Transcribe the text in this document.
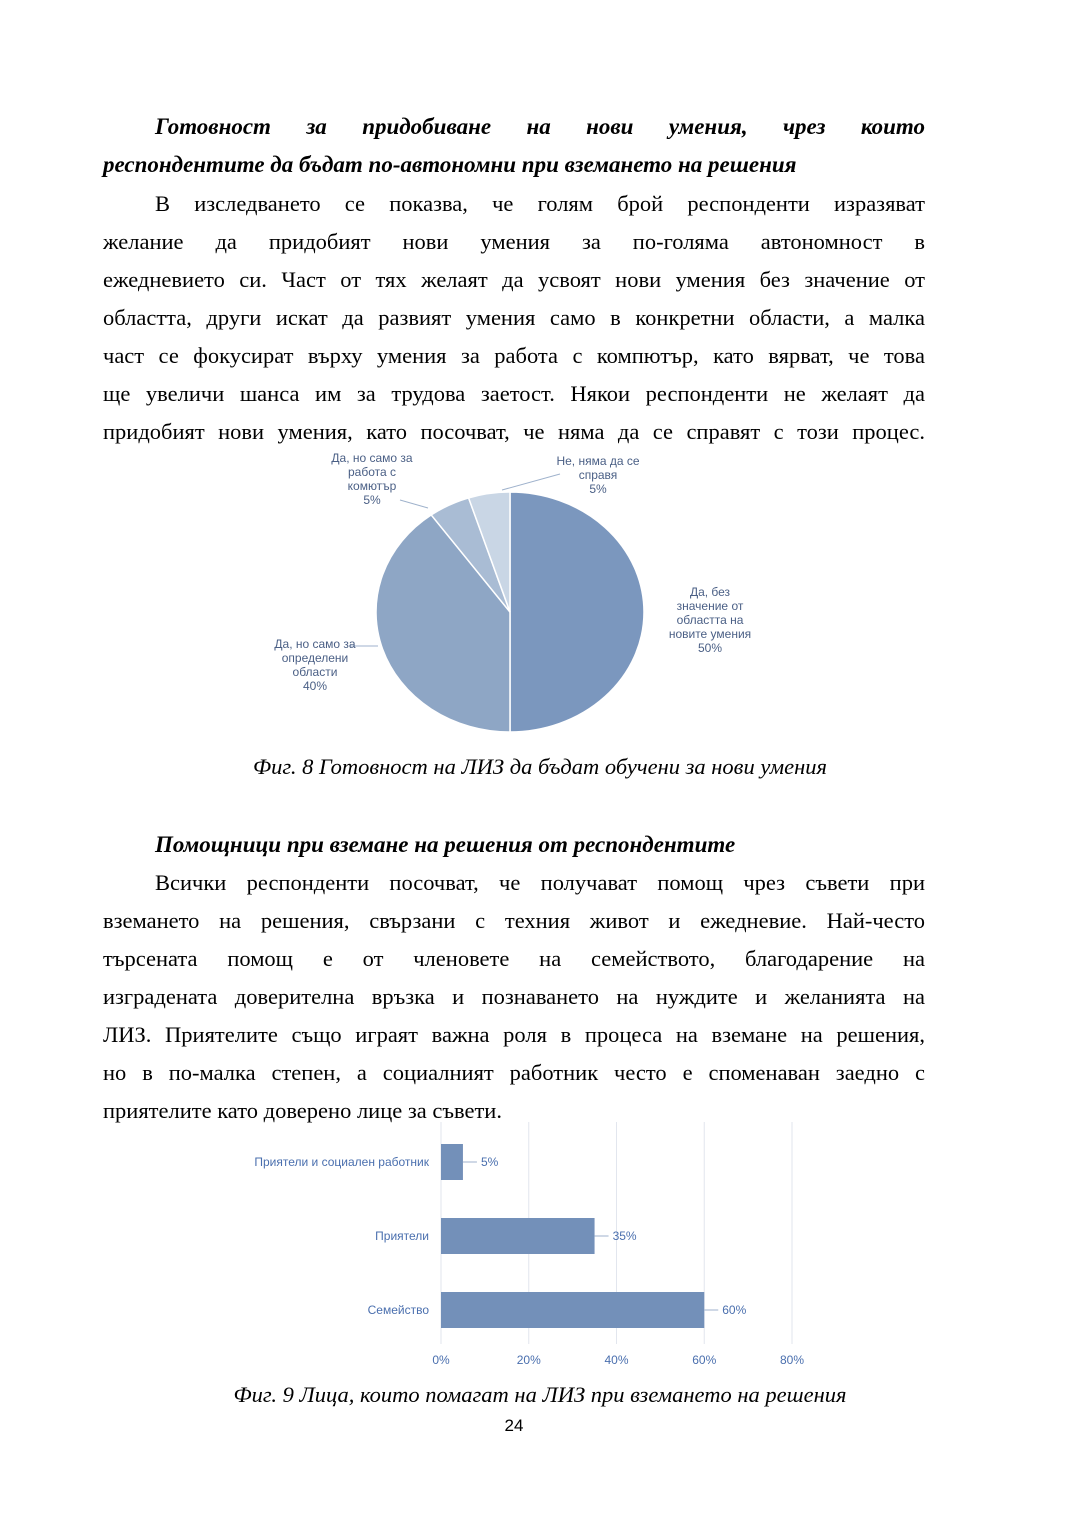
Готовност за придобиване на нови умения, чрез които
респондентите да бъдат по-автономни при вземането на решения
В изследването се показва, че голям брой респонденти изразяват
желание да придобият нови умения за по-голяма автономност в
ежедневието си. Част от тях желаят да усвоят нови умения без значение от
областта, други искат да развият умения само в конкретни области, а малка
част се фокусират върху умения за работа с компютър, като вярват, че това
ще увеличи шанса им за трудова заетост. Някои респонденти не желаят да
придобият нови умения, като посочват, че няма да се справят с този процес.
Да, без
значение от
областта на
новите умения
50%
Да, но само за
определени
области
40%
Да, но само за
работа с
комютър
5%
Не, няма да се
справя
5%

Фиг. 8 Готовност на ЛИЗ да бъдат обучени за нови умения

Помощници при вземане на решения от респондентите
Всички респонденти посочват, че получават помощ чрез съвети при
вземането на решения, свързани с техния живот и ежедневие. Най-често
търсената помощ е от членовете на семейството, благодарение на
изградената доверителна връзка и познаването на нуждите и желанията на
ЛИЗ. Приятелите също играят важна роля в процеса на вземане на решения,
но в по-малка степен, а социалният работник често е споменаван заедно с
приятелите като доверено лице за съвети.
0%	20%	40%	60%	80%
Приятели и социален работник	5%
Приятели	35%
Семейство	60%

Фиг. 9 Лица, които помагат на ЛИЗ при вземането на решения

24
